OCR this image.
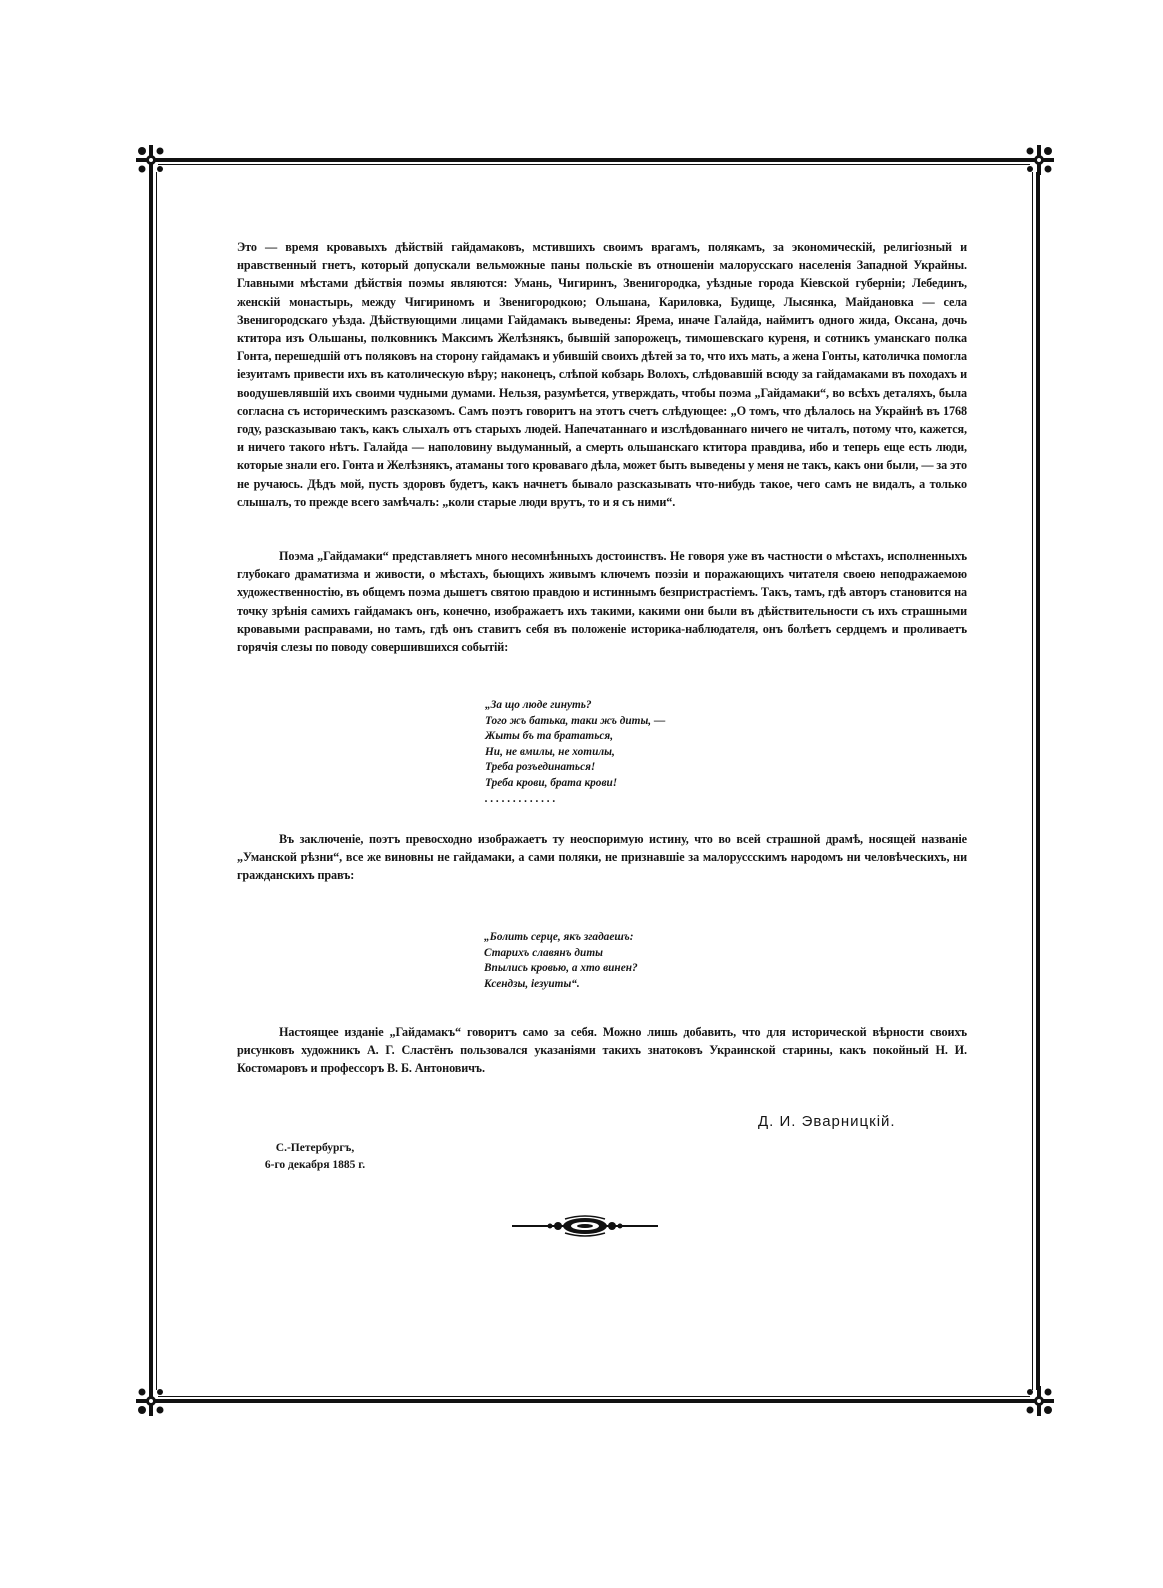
Это — время кровавыхъ дѣйствій гайдамаковъ, мстившихъ своимъ врагамъ, полякамъ, за экономическій, религіозный и нравственный гнетъ, который допускали вельможные паны польскіе въ отношеніи малорусскаго населенія Западной Украйны. Главными мѣстами дѣйствія поэмы являются: Умань, Чигиринъ, Звенигородка, уѣздные города Кіевской губерніи; Лебединъ, женскій монастырь, между Чигириномъ и Звенигородкою; Ольшана, Кариловка, Будище, Лысянка, Майдановка — села Звенигородскаго уѣзда. Дѣйствующими лицами Гайдамакъ выведены: Ярема, иначе Галайда, наймитъ одного жида, Оксана, дочь ктитора изъ Ольшаны, полковникъ Максимъ Желѣзнякъ, бывшій запорожецъ, тимошевскаго куреня, и сотникъ уманскаго полка Гонта, перешедшій отъ поляковъ на сторону гайдамакъ и убившій своихъ дѣтей за то, что ихъ мать, а жена Гонты, католичка помогла іезуитамъ привести ихъ въ католическую вѣру; наконецъ, слѣпой кобзарь Волохъ, слѣдовавшій всюду за гайдамаками въ походахъ и воодушевлявшій ихъ своими чудными думами. Нельзя, разумѣется, утверждать, чтобы поэма „Гайдамаки“, во всѣхъ деталяхъ, была согласна съ историческимъ разсказомъ. Самъ поэтъ говоритъ на этотъ счетъ слѣдующее: „О томъ, что дѣлалось на Украйнѣ въ 1768 году, разсказываю такъ, какъ слыхалъ отъ старыхъ людей. Напечатаннаго и изслѣдованнаго ничего не читалъ, потому что, кажется, и ничего такого нѣтъ. Галайда — наполовину выдуманный, а смерть ольшанскаго ктитора правдива, ибо и теперь еще есть люди, которые знали его. Гонта и Желѣзнякъ, атаманы того кровавагo дѣла, может быть выведены у меня не такъ, какъ они были, — за это не ручаюсь. Дѣдъ мой, пусть здоровъ будетъ, какъ начнетъ бывало разсказывать что-нибудь такое, чего самъ не видалъ, а только слышалъ, то прежде всего замѣчалъ: „коли старые люди врутъ, то и я съ ними“.

Поэма „Гайдамаки“ представляетъ много несомнѣнныхъ достоинствъ. Не говоря уже въ частности о мѣстахъ, исполненныхъ глубокаго драматизма и живости, о мѣстахъ, бьющихъ живымъ ключемъ поэзіи и поражающихъ читателя своею неподражаемою художественностію, въ общемъ поэма дышетъ святою правдою и истиннымъ безпристрастіемъ. Такъ, тамъ, гдѣ авторъ становится на точку зрѣнія самихъ гайдамакъ онъ, конечно, изображаетъ ихъ такими, какими они были въ дѣйствительности съ ихъ страшными кровавыми расправами, но тамъ, гдѣ онъ ставитъ себя въ положеніе историка-наблюдателя, онъ болѣетъ сердцемъ и проливаетъ горячія слезы по поводу совершившихся событій:

„За що люде гинуть?
Того жъ батька, таки жъ диты, —
Жыты бъ та брататься,
Ни, не вмилы, не хотилы,
Треба розъединаться!
Треба крови, брата крови!
. . . . . . . . . . . . .

Въ заключеніе, поэтъ превосходно изображаетъ ту неоспоримую истину, что во всей страшной драмѣ, носящей названіе „Уманской рѣзни“, все же виновны не гайдамаки, а сами поляки, не признавшіе за малоруссскимъ народомъ ни человѣческихъ, ни гражданскихъ правъ:

„Болить серце, якъ згадаешъ:
Старихъ славянъ диты
Впылись кровью, а хто винен?
Ксендзы, іезуиты“.

Настоящее изданіе „Гайдамакъ“ говоритъ само за себя. Можно лишь добавить, что для исторической вѣрности своихъ рисунковъ художникъ А. Г. Сластёнъ пользовался указаніями такихъ знатоковъ Украинской старины, какъ покойный Н. И. Костомаровъ и профессоръ В. Б. Антоновичъ.

Д. И. Эварницкій.
С.-Петербургъ,
6-го декабря 1885 г.
